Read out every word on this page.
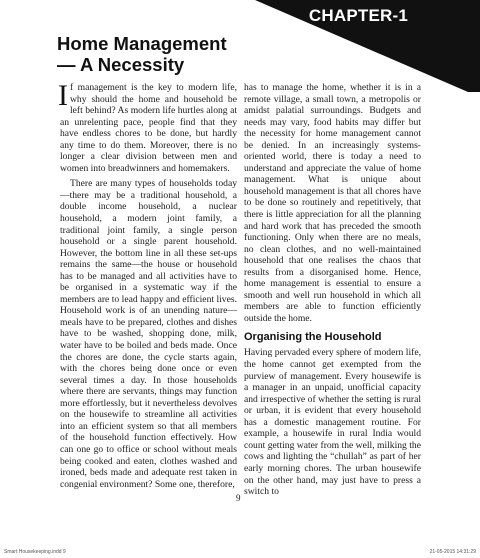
CHAPTER-1
Home Management — A Necessity

If management is the key to modern life, why should the home and household be left behind? As modern life hurtles along at an unrelenting pace, people find that they have endless chores to be done, but hardly any time to do them. Moreover, there is no longer a clear division between men and women into breadwinners and homemakers.

There are many types of households today—there may be a traditional household, a double income household, a nuclear household, a modern joint family, a traditional joint family, a single person household or a single parent household. However, the bottom line in all these set-ups remains the same—the house or household has to be managed and all activities have to be organised in a systematic way if the members are to lead happy and efficient lives. Household work is of an unending nature—meals have to be prepared, clothes and dishes have to be washed, shopping done, milk, water have to be boiled and beds made. Once the chores are done, the cycle starts again, with the chores being done once or even several times a day. In those households where there are servants, things may function more effortlessly, but it nevertheless devolves on the housewife to streamline all activities into an efficient system so that all members of the household function effectively. How can one go to office or school without meals being cooked and eaten, clothes washed and ironed, beds made and adequate rest taken in congenial environment? Some one, therefore,

has to manage the home, whether it is in a remote village, a small town, a metropolis or amidst palatial surroundings. Budgets and needs may vary, food habits may differ but the necessity for home management cannot be denied. In an increasingly systems-oriented world, there is today a need to understand and appreciate the value of home management. What is unique about household management is that all chores have to be done so routinely and repetitively, that there is little appreciation for all the planning and hard work that has preceded the smooth functioning. Only when there are no meals, no clean clothes, and no well-maintained household that one realises the chaos that results from a disorganised home. Hence, home management is essential to ensure a smooth and well run household in which all members are able to function efficiently outside the home.

Organising the Household

Having pervaded every sphere of modern life, the home cannot get exempted from the purview of management. Every housewife is a manager in an unpaid, unofficial capacity and irrespective of whether the setting is rural or urban, it is evident that every household has a domestic management routine. For example, a housewife in rural India would count getting water from the well, milking the cows and lighting the “chullah” as part of her early morning chores. The urban housewife on the other hand, may just have to press a switch to

9
Smart Housekeeping.indd 9	21-05-2015 14:31:29
